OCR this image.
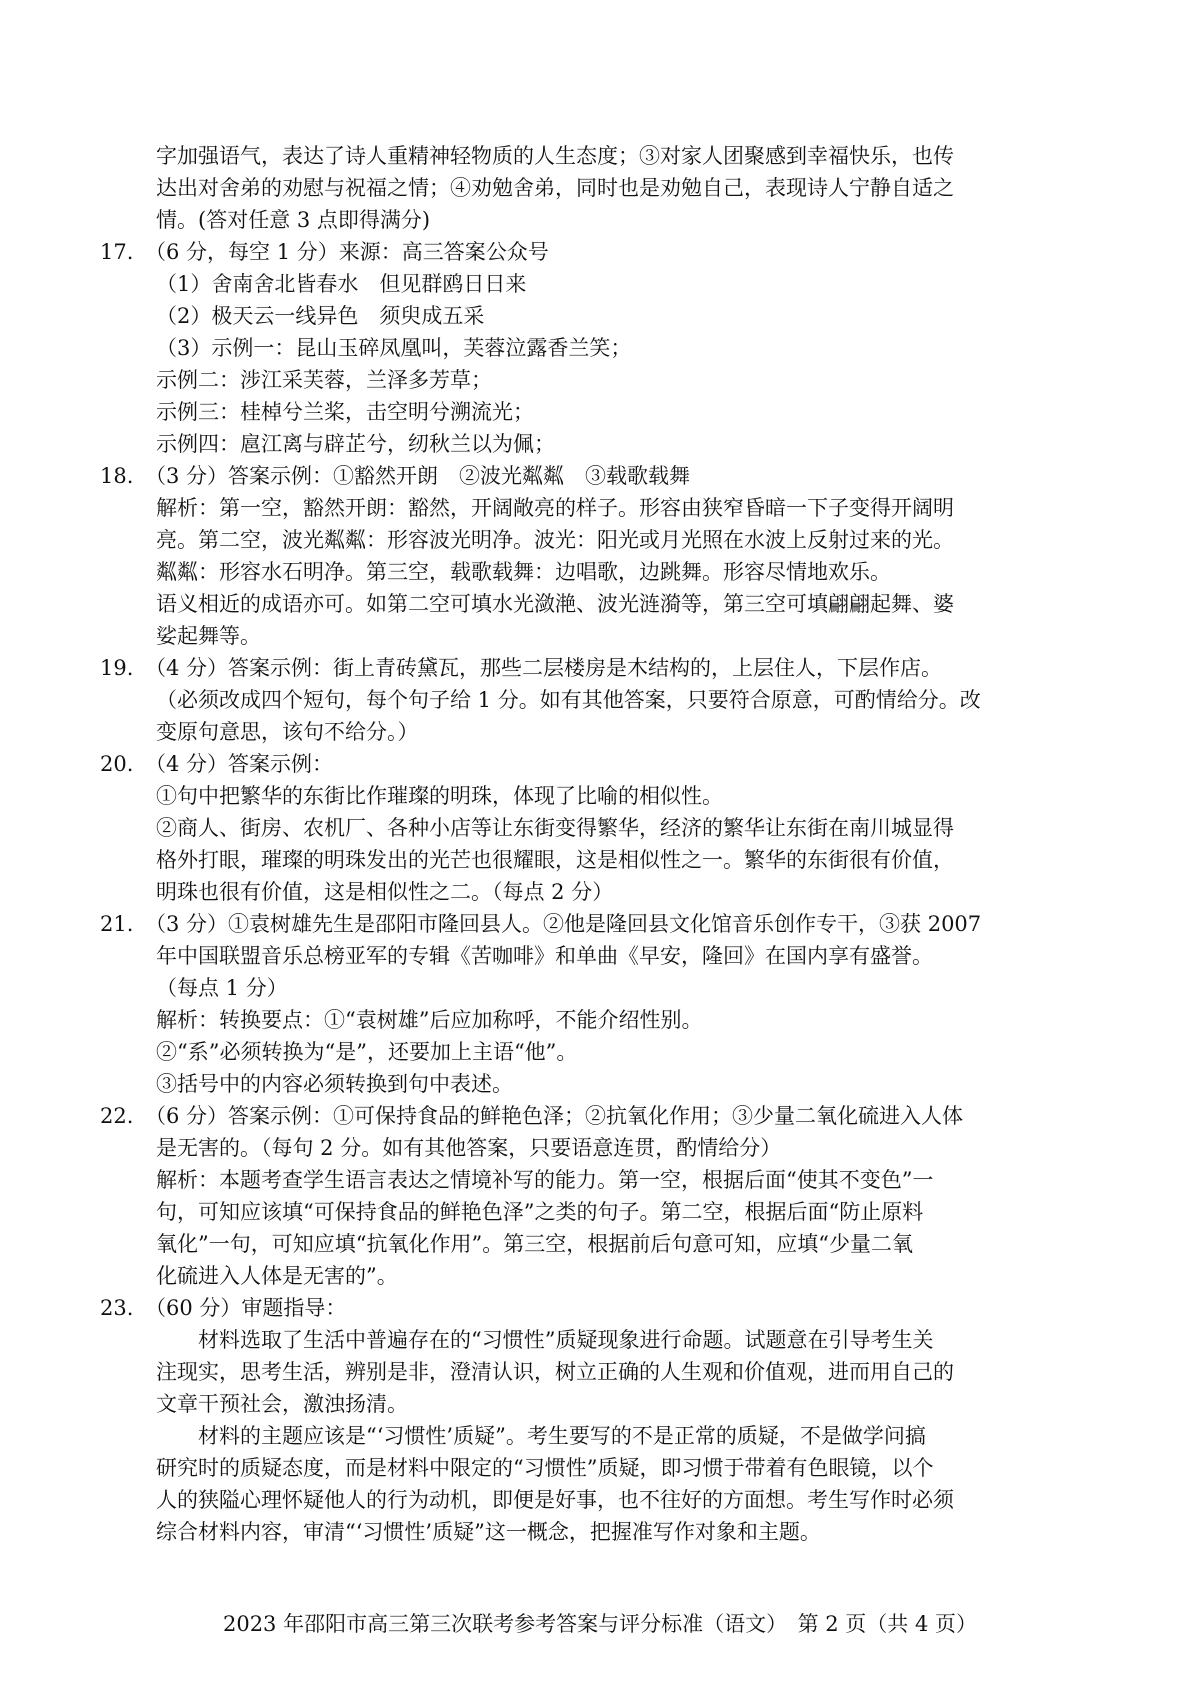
字加强语气，表达了诗人重精神轻物质的人生态度；③对家人团聚感到幸福快乐，也传

达出对舍弟的劝慰与祝福之情；④劝勉舍弟，同时也是劝勉自己，表现诗人宁静自适之

情。(答对任意 3 点即得满分)

17. （6 分，每空 1 分）来源：高三答案公众号

（1）舍南舍北皆春水　但见群鸥日日来

（2）极天云一线异色　须臾成五采

（3）示例一：昆山玉碎凤凰叫，芙蓉泣露香兰笑；

示例二：涉江采芙蓉，兰泽多芳草；

示例三：桂棹兮兰桨，击空明兮溯流光；

示例四：扈江离与辟芷兮，纫秋兰以为佩；

18. （3 分）答案示例：①豁然开朗　②波光粼粼　③载歌载舞

解析：第一空，豁然开朗：豁然，开阔敞亮的样子。形容由狭窄昏暗一下子变得开阔明

亮。第二空，波光粼粼：形容波光明净。波光：阳光或月光照在水波上反射过来的光。

粼粼：形容水石明净。第三空，载歌载舞：边唱歌，边跳舞。形容尽情地欢乐。

语义相近的成语亦可。如第二空可填水光潋滟、波光涟漪等，第三空可填翩翩起舞、婆

娑起舞等。

19. （4 分）答案示例：街上青砖黛瓦，那些二层楼房是木结构的，上层住人，下层作店。

（必须改成四个短句，每个句子给 1 分。如有其他答案，只要符合原意，可酌情给分。改

变原句意思，该句不给分。）

20. （4 分）答案示例：

①句中把繁华的东街比作璀璨的明珠，体现了比喻的相似性。

②商人、街房、农机厂、各种小店等让东街变得繁华，经济的繁华让东街在南川城显得

格外打眼，璀璨的明珠发出的光芒也很耀眼，这是相似性之一。繁华的东街很有价值，

明珠也很有价值，这是相似性之二。（每点 2 分）

21. （3 分）①袁树雄先生是邵阳市隆回县人。②他是隆回县文化馆音乐创作专干，③获 2007

年中国联盟音乐总榜亚军的专辑《苦咖啡》和单曲《早安，隆回》在国内享有盛誉。

（每点 1 分）

解析：转换要点：①“袁树雄”后应加称呼，不能介绍性别。

②“系”必须转换为“是”，还要加上主语“他”。

③括号中的内容必须转换到句中表述。

22. （6 分）答案示例：①可保持食品的鲜艳色泽；②抗氧化作用；③少量二氧化硫进入人体

是无害的。（每句 2 分。如有其他答案，只要语意连贯，酌情给分）

解析：本题考查学生语言表达之情境补写的能力。第一空，根据后面“使其不变色”一

句，可知应该填“可保持食品的鲜艳色泽”之类的句子。第二空，根据后面“防止原料

氧化”一句，可知应填“抗氧化作用”。第三空，根据前后句意可知，应填“少量二氧

化硫进入人体是无害的”。

23. （60 分）审题指导：

材料选取了生活中普遍存在的“习惯性”质疑现象进行命题。试题意在引导考生关

注现实，思考生活，辨别是非，澄清认识，树立正确的人生观和价值观，进而用自己的

文章干预社会，激浊扬清。

材料的主题应该是“‘习惯性’质疑”。考生要写的不是正常的质疑，不是做学问搞

研究时的质疑态度，而是材料中限定的“习惯性”质疑，即习惯于带着有色眼镜，以个

人的狭隘心理怀疑他人的行为动机，即便是好事，也不往好的方面想。考生写作时必须

综合材料内容，审清“‘习惯性’质疑”这一概念，把握准写作对象和主题。

2023 年邵阳市高三第三次联考参考答案与评分标准（语文）　第 2 页（共 4 页）
